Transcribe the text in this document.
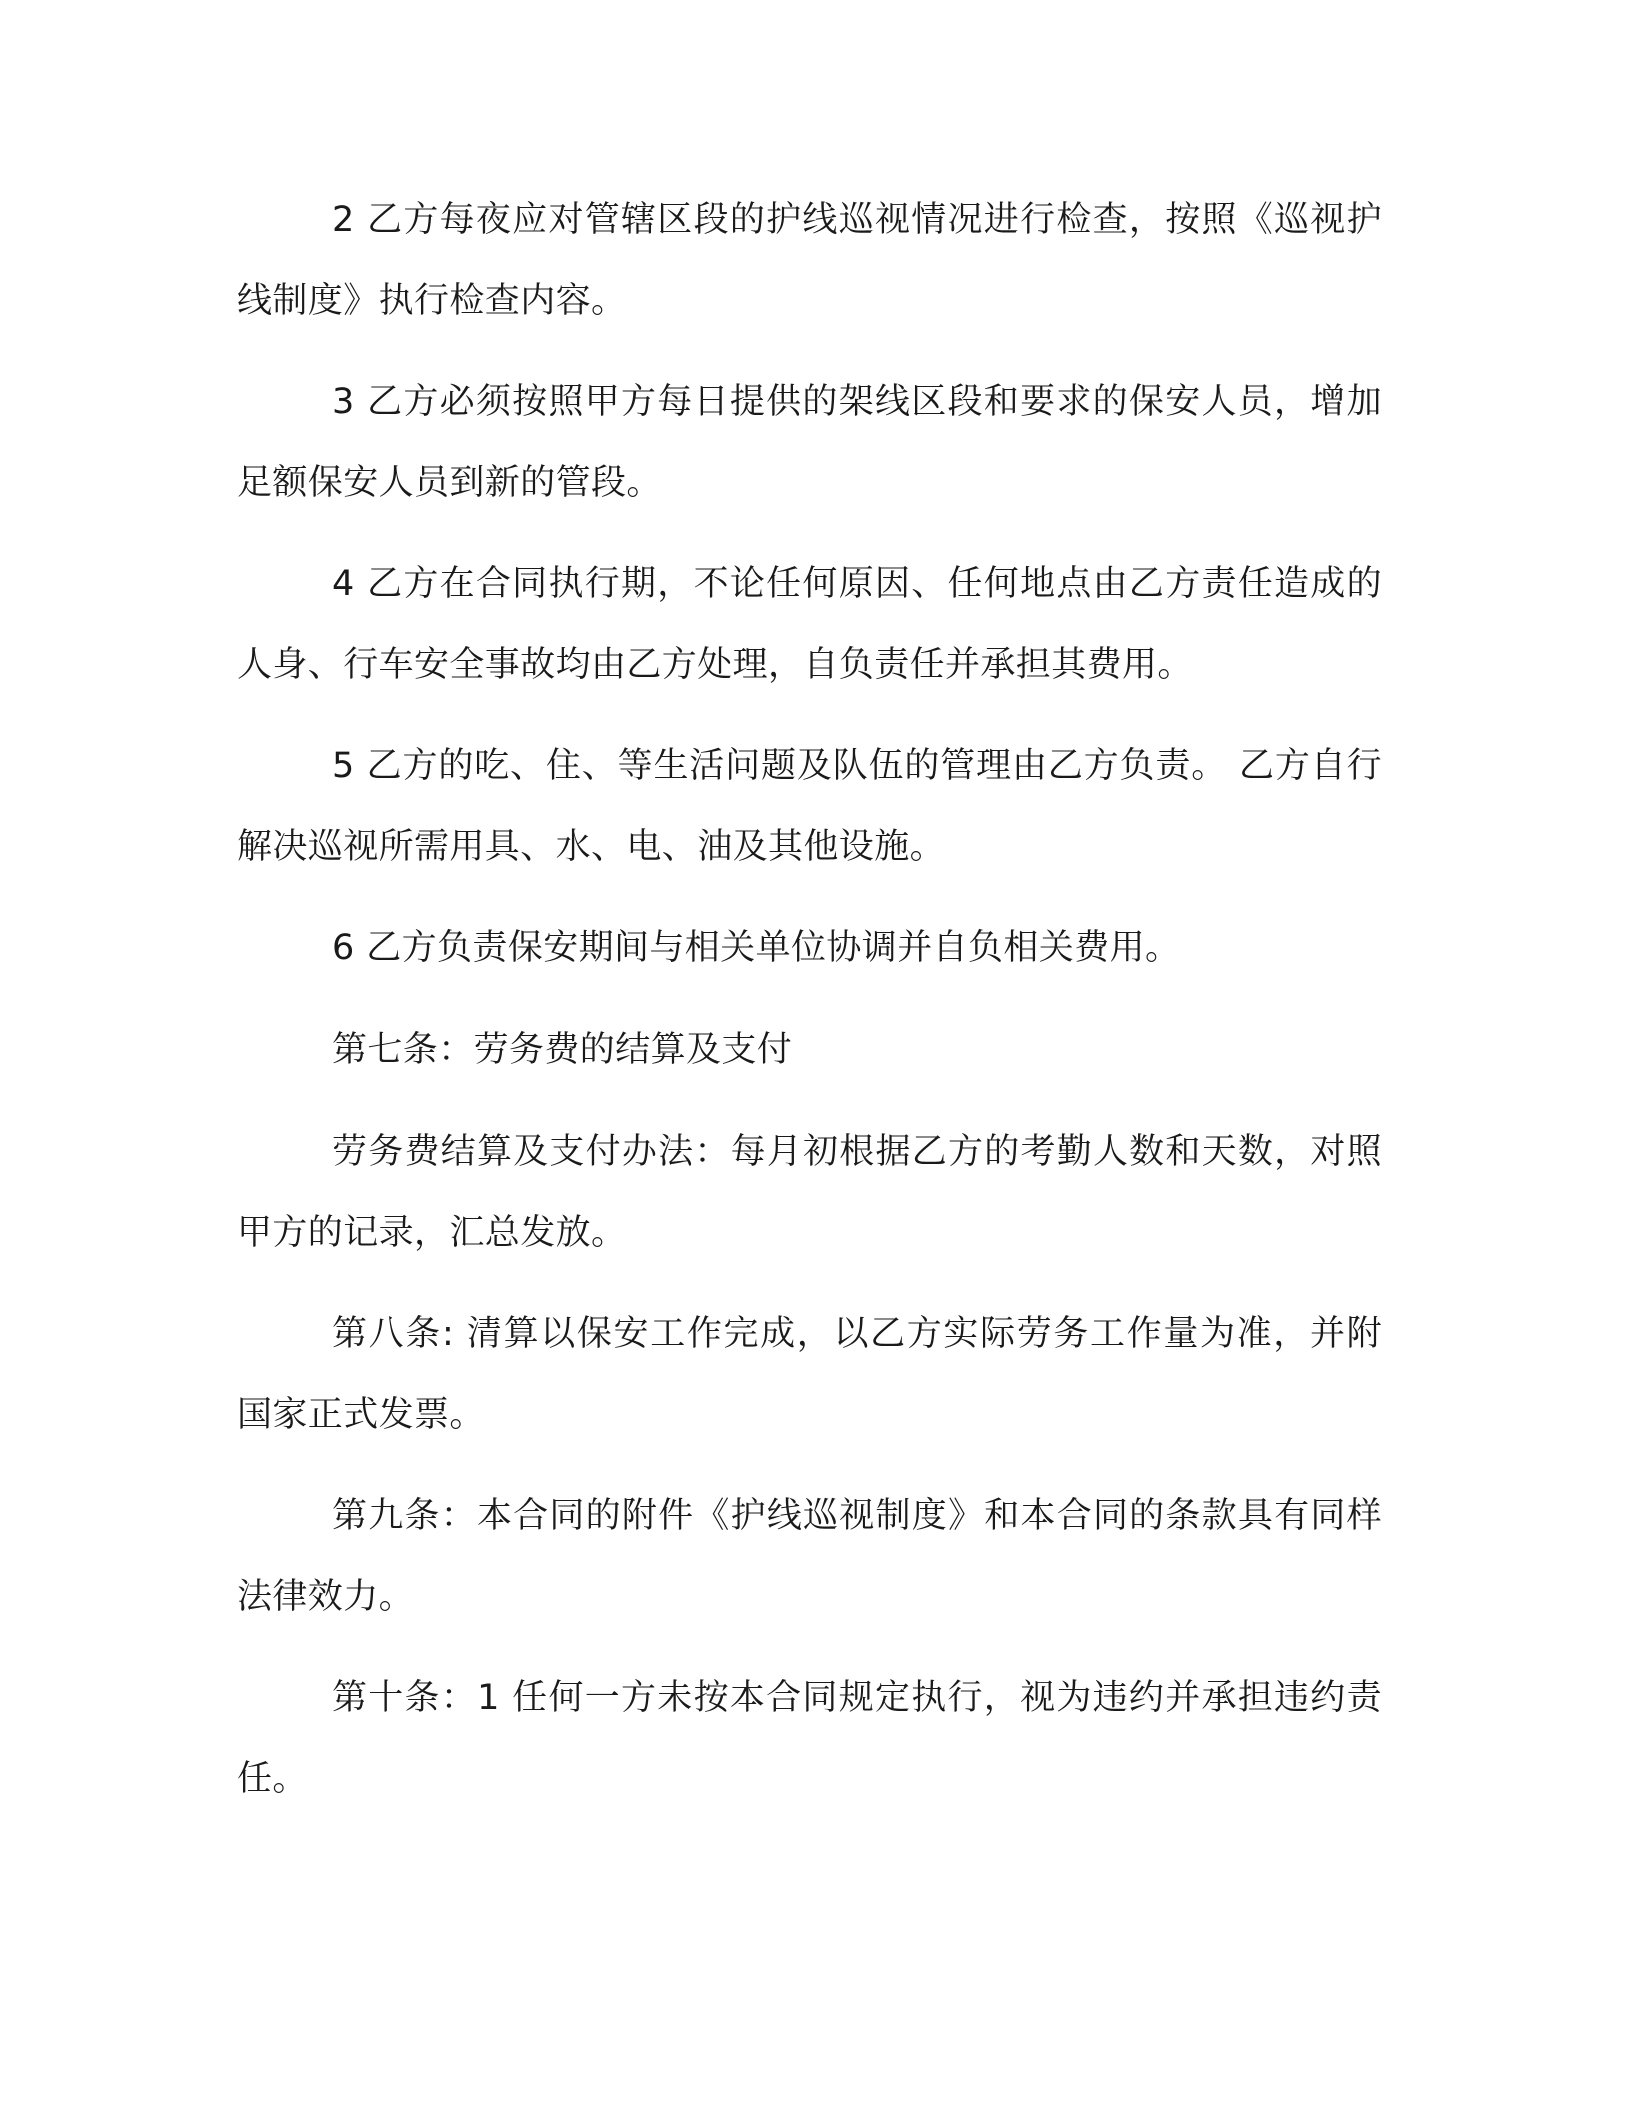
2 乙方每夜应对管辖区段的护线巡视情况进行检查，按照《巡视护线制度》执行检查内容。

3 乙方必须按照甲方每日提供的架线区段和要求的保安人员，增加足额保安人员到新的管段。

4 乙方在合同执行期，不论任何原因、任何地点由乙方责任造成的人身、行车安全事故均由乙方处理，自负责任并承担其费用。

5 乙方的吃、住、等生活问题及队伍的管理由乙方负责。 乙方自行解决巡视所需用具、水、电、油及其他设施。

6 乙方负责保安期间与相关单位协调并自负相关费用。

第七条：劳务费的结算及支付

劳务费结算及支付办法：每月初根据乙方的考勤人数和天数，对照甲方的记录，汇总发放。

第八条: 清算以保安工作完成，以乙方实际劳务工作量为准，并附国家正式发票。

第九条：本合同的附件《护线巡视制度》和本合同的条款具有同样法律效力。

第十条：1 任何一方未按本合同规定执行，视为违约并承担违约责任。
